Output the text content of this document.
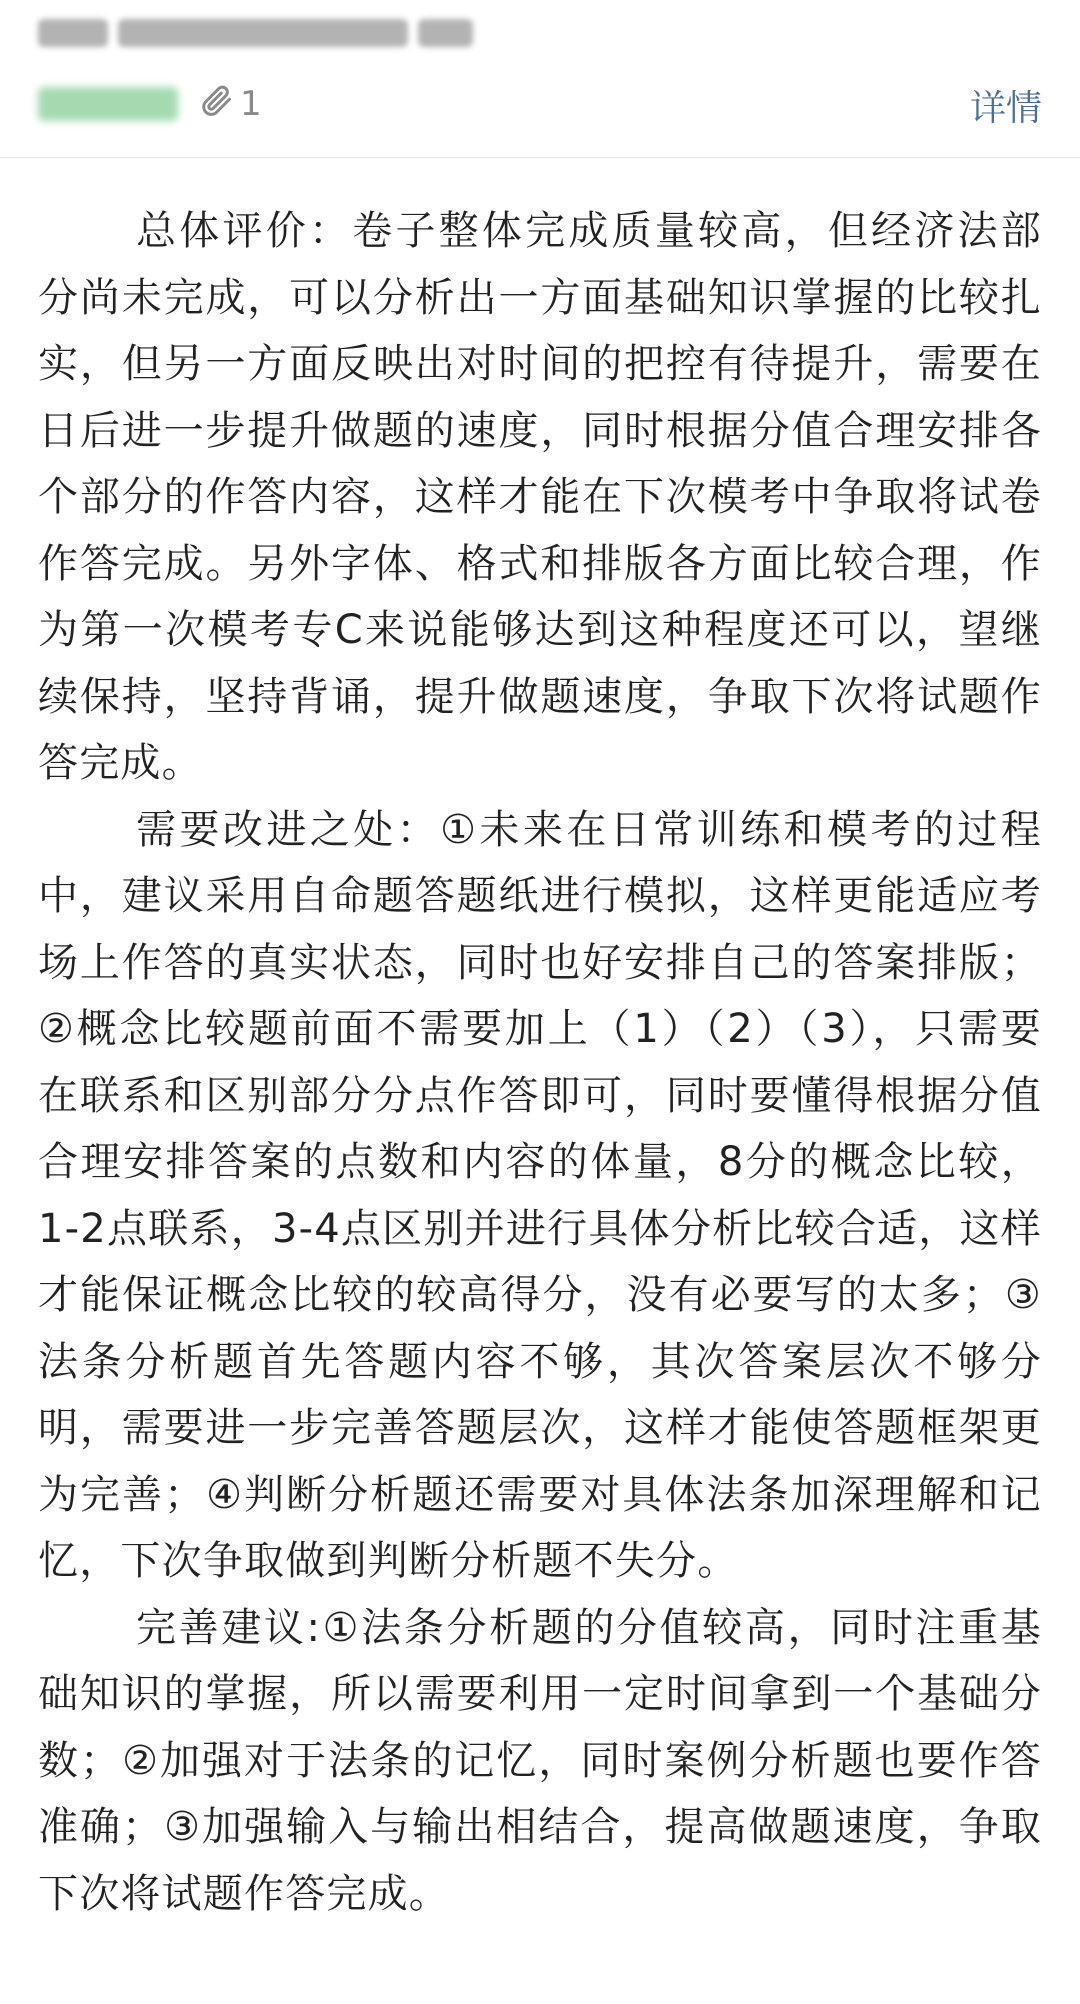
1	详情

总体评价：卷子整体完成质量较高，但经济法部分尚未完成，可以分析出一方面基础知识掌握的比较扎实，但另一方面反映出对时间的把控有待提升，需要在日后进一步提升做题的速度，同时根据分值合理安排各个部分的作答内容，这样才能在下次模考中争取将试卷作答完成。另外字体、格式和排版各方面比较合理，作为第一次模考专C来说能够达到这种程度还可以，望继续保持，坚持背诵，提升做题速度，争取下次将试题作答完成。

需要改进之处：①未来在日常训练和模考的过程中，建议采用自命题答题纸进行模拟，这样更能适应考场上作答的真实状态，同时也好安排自己的答案排版；②概念比较题前面不需要加上（1）（2）（3），只需要在联系和区别部分分点作答即可，同时要懂得根据分值合理安排答案的点数和内容的体量，8分的概念比较，1-2点联系，3-4点区别并进行具体分析比较合适，这样才能保证概念比较的较高得分，没有必要写的太多；③法条分析题首先答题内容不够，其次答案层次不够分明，需要进一步完善答题层次，这样才能使答题框架更为完善；④判断分析题还需要对具体法条加深理解和记忆，下次争取做到判断分析题不失分。

完善建议:①法条分析题的分值较高，同时注重基础知识的掌握，所以需要利用一定时间拿到一个基础分数；②加强对于法条的记忆，同时案例分析题也要作答准确；③加强输入与输出相结合，提高做题速度，争取下次将试题作答完成。
